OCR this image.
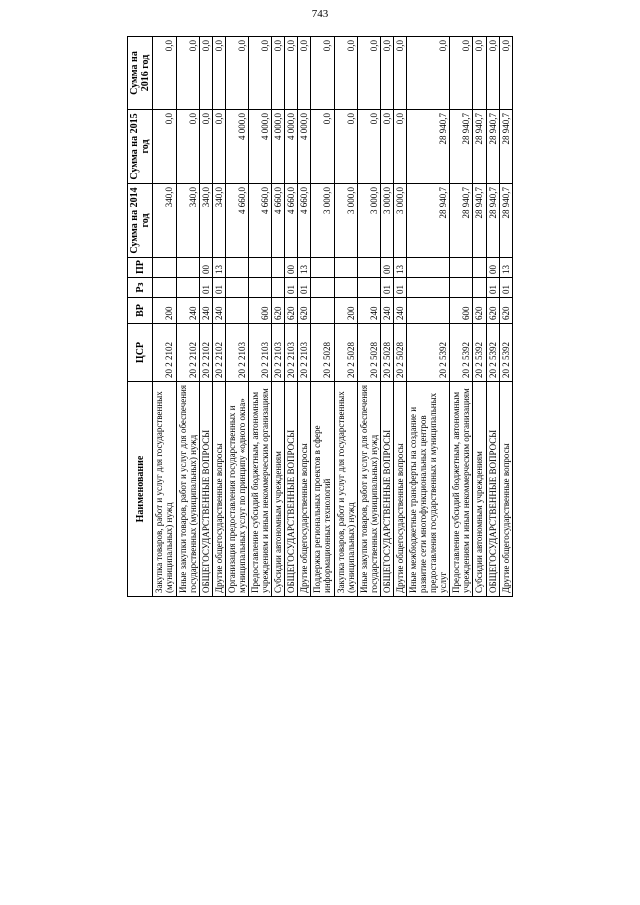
743
Наименование	ЦСР	ВР	Рз	ПР	Сумма на 2014 год	Сумма на 2015 год	Сумма на 2016 год
Закупка товаров, работ и услуг для государственных (муниципальных) нужд	20 2 2102	200			340,0	0,0	0,0
Иные закупки товаров, работ и услуг для обеспечения государственных (муниципальных) нужд	20 2 2102	240			340,0	0,0	0,0
ОБЩЕГОСУДАРСТВЕННЫЕ ВОПРОСЫ	20 2 2102	240	01	00	340,0	0,0	0,0
Другие общегосударственные вопросы	20 2 2102	240	01	13	340,0	0,0	0,0
Организация предоставления государственных и муниципальных услуг по принципу «одного окна»	20 2 2103				4 660,0	4 000,0	0,0
Предоставление субсидий бюджетным, автономным учреждениям и иным некоммерческим организациям	20 2 2103	600			4 660,0	4 000,0	0,0
Субсидии автономным учреждениям	20 2 2103	620			4 660,0	4 000,0	0,0
ОБЩЕГОСУДАРСТВЕННЫЕ ВОПРОСЫ	20 2 2103	620	01	00	4 660,0	4 000,0	0,0
Другие общегосударственные вопросы	20 2 2103	620	01	13	4 660,0	4 000,0	0,0
Поддержка региональных проектов в сфере информационных технологий	20 2 5028				3 000,0	0,0	0,0
Закупка товаров, работ и услуг для государственных (муниципальных) нужд	20 2 5028	200			3 000,0	0,0	0,0
Иные закупки товаров, работ и услуг для обеспечения государственных (муниципальных) нужд	20 2 5028	240			3 000,0	0,0	0,0
ОБЩЕГОСУДАРСТВЕННЫЕ ВОПРОСЫ	20 2 5028	240	01	00	3 000,0	0,0	0,0
Другие общегосударственные вопросы	20 2 5028	240	01	13	3 000,0	0,0	0,0
Иные межбюджетные трансферты на создание и развитие сети многофункциональных центров предоставления государственных и муниципальных услуг	20 2 5392				28 940,7	28 940,7	0,0
Предоставление субсидий бюджетным, автономным учреждениям и иным некоммерческим организациям	20 2 5392	600			28 940,7	28 940,7	0,0
Субсидии автономным учреждениям	20 2 5392	620			28 940,7	28 940,7	0,0
ОБЩЕГОСУДАРСТВЕННЫЕ ВОПРОСЫ	20 2 5392	620	01	00	28 940,7	28 940,7	0,0
Другие общегосударственные вопросы	20 2 5392	620	01	13	28 940,7	28 940,7	0,0
